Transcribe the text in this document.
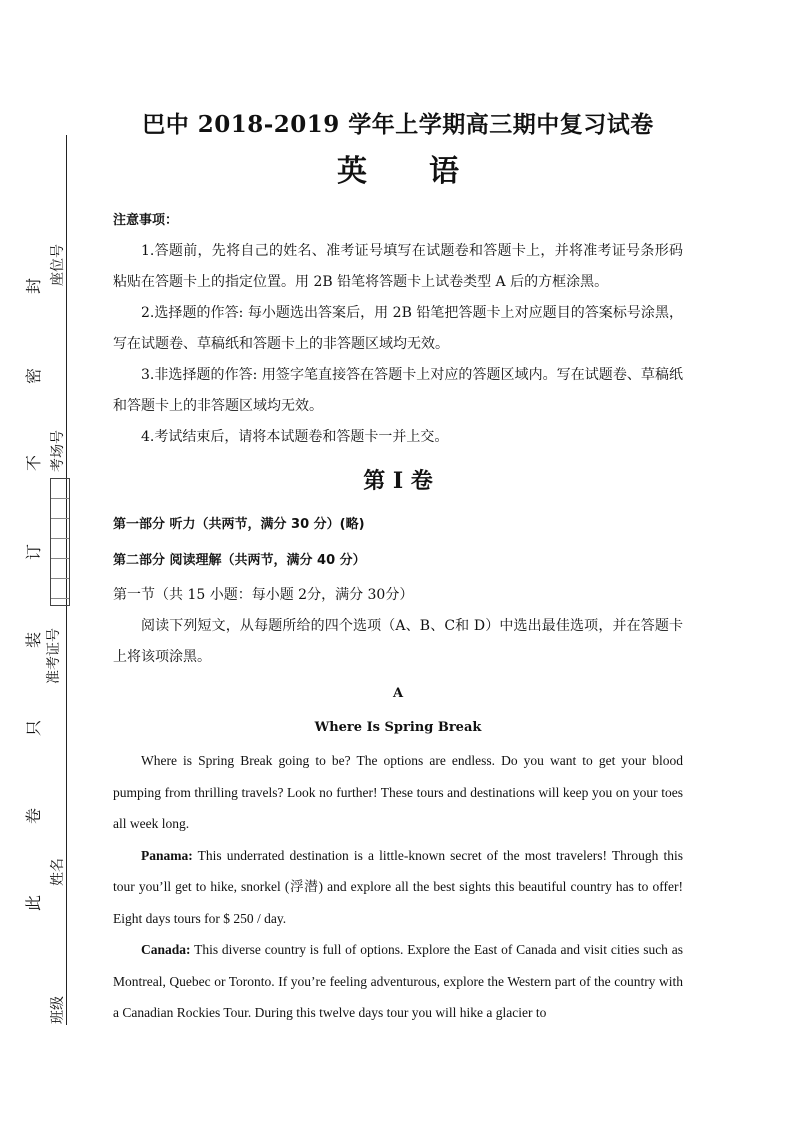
封
密
不
订
装
只
卷
此
座位号
考场号
准考证号
姓名
班级
巴中 2018-2019 学年上学期高三期中复习试卷
英 语
注意事项：

1.答题前，先将自己的姓名、准考证号填写在试题卷和答题卡上，并将准考证号条形码粘贴在答题卡上的指定位置。用 2B 铅笔将答题卡上试卷类型 A 后的方框涂黑。

2.选择题的作答: 每小题选出答案后，用 2B 铅笔把答题卡上对应题目的答案标号涂黑，写在试题卷、草稿纸和答题卡上的非答题区域均无效。

3.非选择题的作答: 用签字笔直接答在答题卡上对应的答题区域内。写在试题卷、草稿纸和答题卡上的非答题区域均无效。

4.考试结束后，请将本试题卷和答题卡一并上交。

第 I 卷
第一部分 听力（共两节，满分 30 分）(略)
第二部分 阅读理解（共两节，满分 40 分）
第一节（共 15 小题：每小题 2分，满分 30分）

阅读下列短文，从每题所给的四个选项（A、B、C和 D）中选出最佳选项，并在答题卡上将该项涂黑。

A
Where Is Spring Break

Where is Spring Break going to be? The options are endless. Do you want to get your blood pumping from thrilling travels? Look no further! These tours and destinations will keep you on your toes all week long.

Panama: This underrated destination is a little-known secret of the most travelers! Through this tour you’ll get to hike, snorkel (浮潜) and explore all the best sights this beautiful country has to offer! Eight days tours for $ 250 / day.

Canada: This diverse country is full of options. Explore the East of Canada and visit cities such as Montreal, Quebec or Toronto. If you’re feeling adventurous, explore the Western part of the country with a Canadian Rockies Tour. During this twelve days tour you will hike a glacier to
